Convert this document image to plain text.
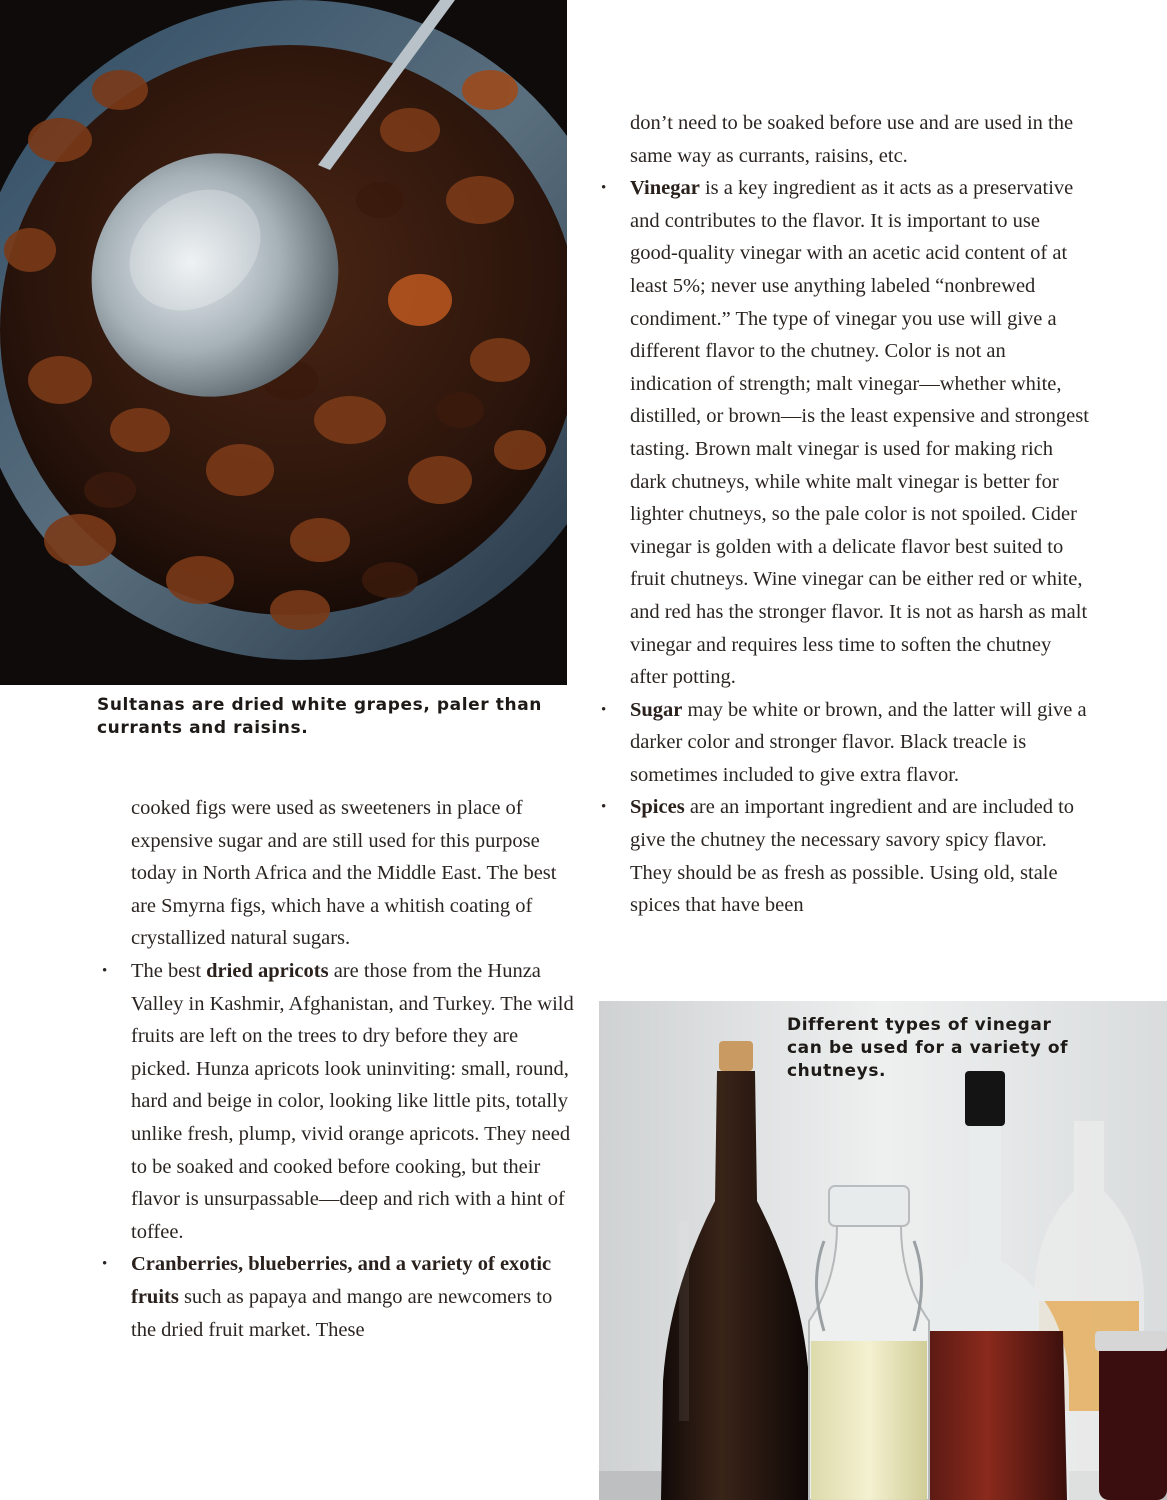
Sultanas are dried white grapes, paler than currants and raisins.

cooked figs were used as sweeteners in place of expensive sugar and are still used for this purpose today in North Africa and the Middle East. The best are Smyrna figs, which have a whitish coating of crystallized natural sugars.

• The best dried apricots are those from the Hunza Valley in Kashmir, Afghanistan, and Turkey. The wild fruits are left on the trees to dry before they are picked. Hunza apricots look uninviting: small, round, hard and beige in color, looking like little pits, totally unlike fresh, plump, vivid orange apricots. They need to be soaked and cooked before cooking, but their flavor is unsurpassable—deep and rich with a hint of toffee.
• Cranberries, blueberries, and a variety of exotic fruits such as papaya and mango are newcomers to the dried fruit market. These

don’t need to be soaked before use and are used in the same way as currants, raisins, etc.

• Vinegar is a key ingredient as it acts as a preservative and contributes to the flavor. It is important to use good-quality vinegar with an acetic acid content of at least 5%; never use anything labeled “nonbrewed condiment.” The type of vinegar you use will give a different flavor to the chutney. Color is not an indication of strength; malt vinegar—whether white, distilled, or brown—is the least expensive and strongest tasting. Brown malt vinegar is used for making rich dark chutneys, while white malt vinegar is better for lighter chutneys, so the pale color is not spoiled. Cider vinegar is golden with a delicate flavor best suited to fruit chutneys. Wine vinegar can be either red or white, and red has the stronger flavor. It is not as harsh as malt vinegar and requires less time to soften the chutney after potting.
• Sugar may be white or brown, and the latter will give a darker color and stronger flavor. Black treacle is sometimes included to give extra flavor.
• Spices are an important ingredient and are included to give the chutney the necessary savory spicy flavor. They should be as fresh as possible. Using old, stale spices that have been

Different types of vinegar can be used for a variety of chutneys.
